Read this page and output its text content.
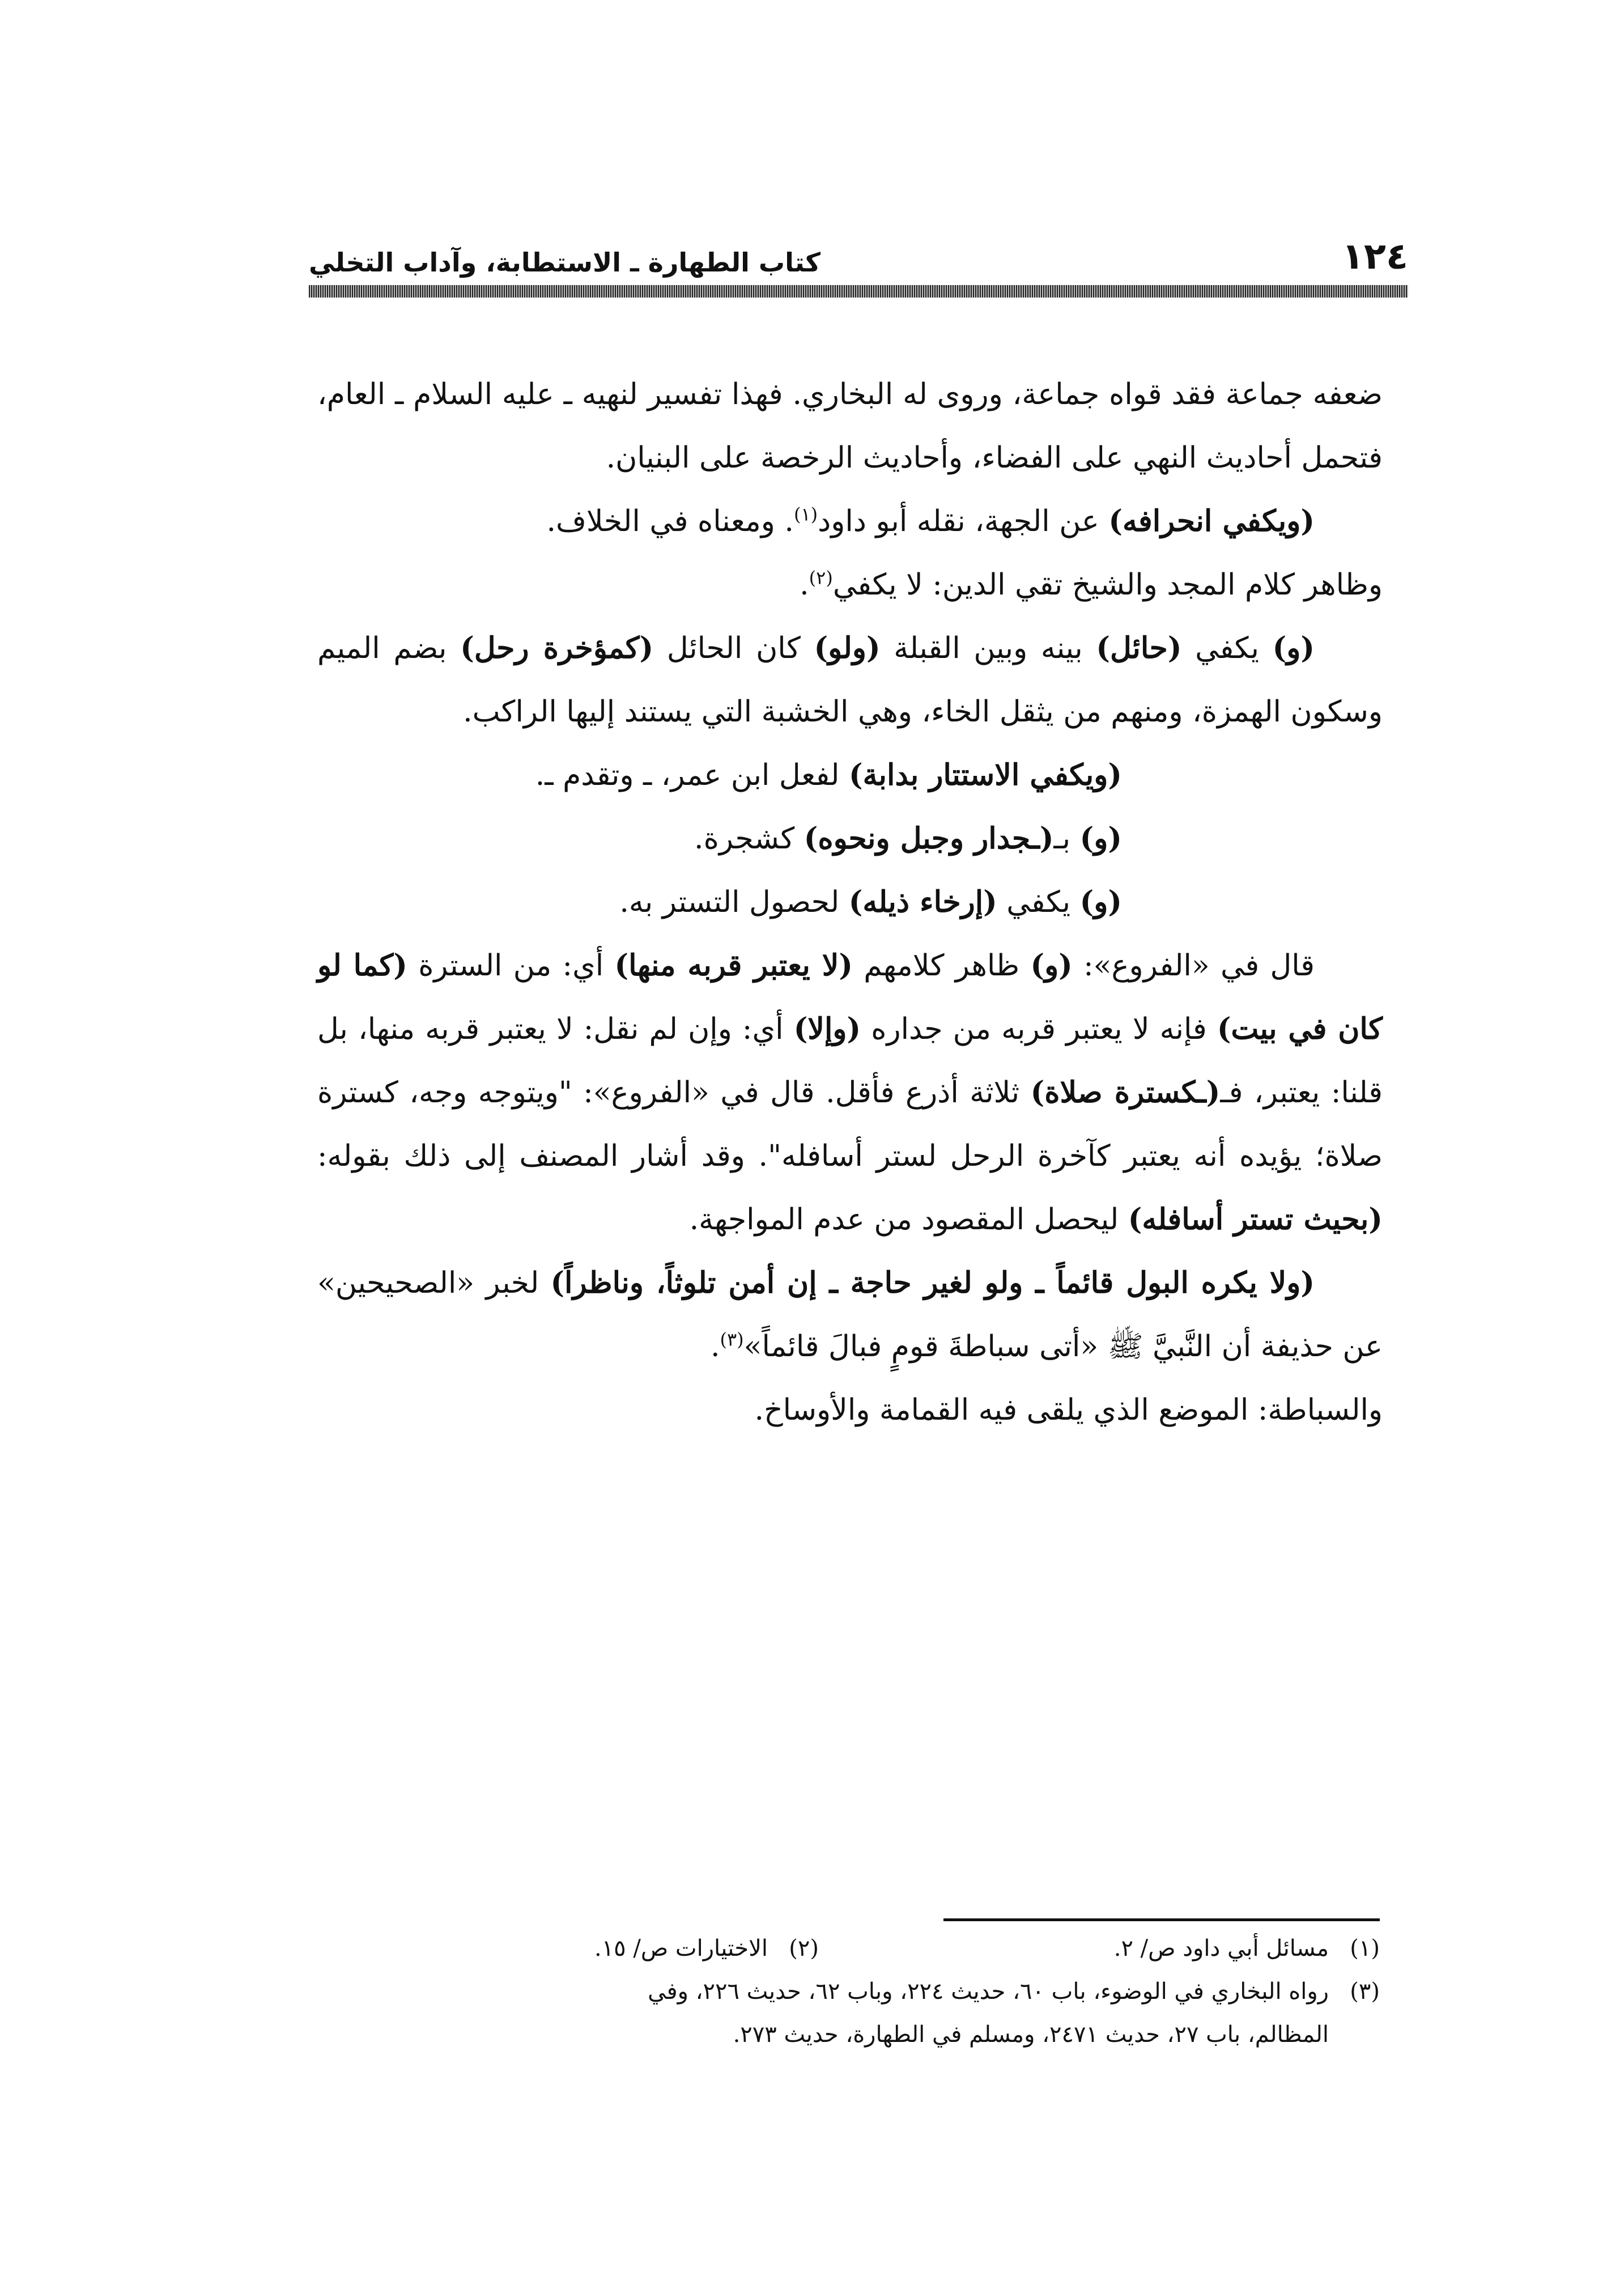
١٢٤
كتاب الطهارة ـ الاستطابة، وآداب التخلي

ضعفه جماعة فقد قواه جماعة، وروى له البخاري. فهذا تفسير لنهيه ـ عليه السلام ـ العام، فتحمل أحاديث النهي على الفضاء، وأحاديث الرخصة على البنيان.

(ويكفي انحرافه) عن الجهة، نقله أبو داود$^{(١)}$. ومعناه في الخلاف.

وظاهر كلام المجد والشيخ تقي الدين: لا يكفي$^{(٢)}$.

(و) يكفي (حائل) بينه وبين القبلة (ولو) كان الحائل (كمؤخرة رحل) بضم الميم وسكون الهمزة، ومنهم من يثقل الخاء، وهي الخشبة التي يستند إليها الراكب.

(ويكفي الاستتار بدابة) لفعل ابن عمر، ـ وتقدم ـ.

(و) بـ(ـجدار وجبل ونحوه) كشجرة.

(و) يكفي (إرخاء ذيله) لحصول التستر به.

قال في «الفروع»: (و) ظاهر كلامهم (لا يعتبر قربه منها) أي: من السترة (كما لو كان في بيت) فإنه لا يعتبر قربه من جداره (وإلا) أي: وإن لم نقل: لا يعتبر قربه منها، بل قلنا: يعتبر، فـ(ـكسترة صلاة) ثلاثة أذرع فأقل. قال في «الفروع»: "ويتوجه وجه، كسترة صلاة؛ يؤيده أنه يعتبر كآخرة الرحل لستر أسافله". وقد أشار المصنف إلى ذلك بقوله: (بحيث تستر أسافله) ليحصل المقصود من عدم المواجهة.

(ولا يكره البول قائماً ـ ولو لغير حاجة ـ إن أمن تلوثاً، وناظراً) لخبر «الصحيحين» عن حذيفة أن النَّبيَّ ﷺ «أتى سباطةَ قومٍ فبالَ قائماً»$^{(٣)}$.

والسباطة: الموضع الذي يلقى فيه القمامة والأوساخ.

(١)
مسائل أبي داود ص/ ٢.
(٢)
الاختيارات ص/ ١٥.
(٣)
رواه البخاري في الوضوء، باب ٦٠، حديث ٢٢٤، وباب ٦٢، حديث ٢٢٦، وفي
المظالم، باب ٢٧، حديث ٢٤٧١، ومسلم في الطهارة، حديث ٢٧٣.
